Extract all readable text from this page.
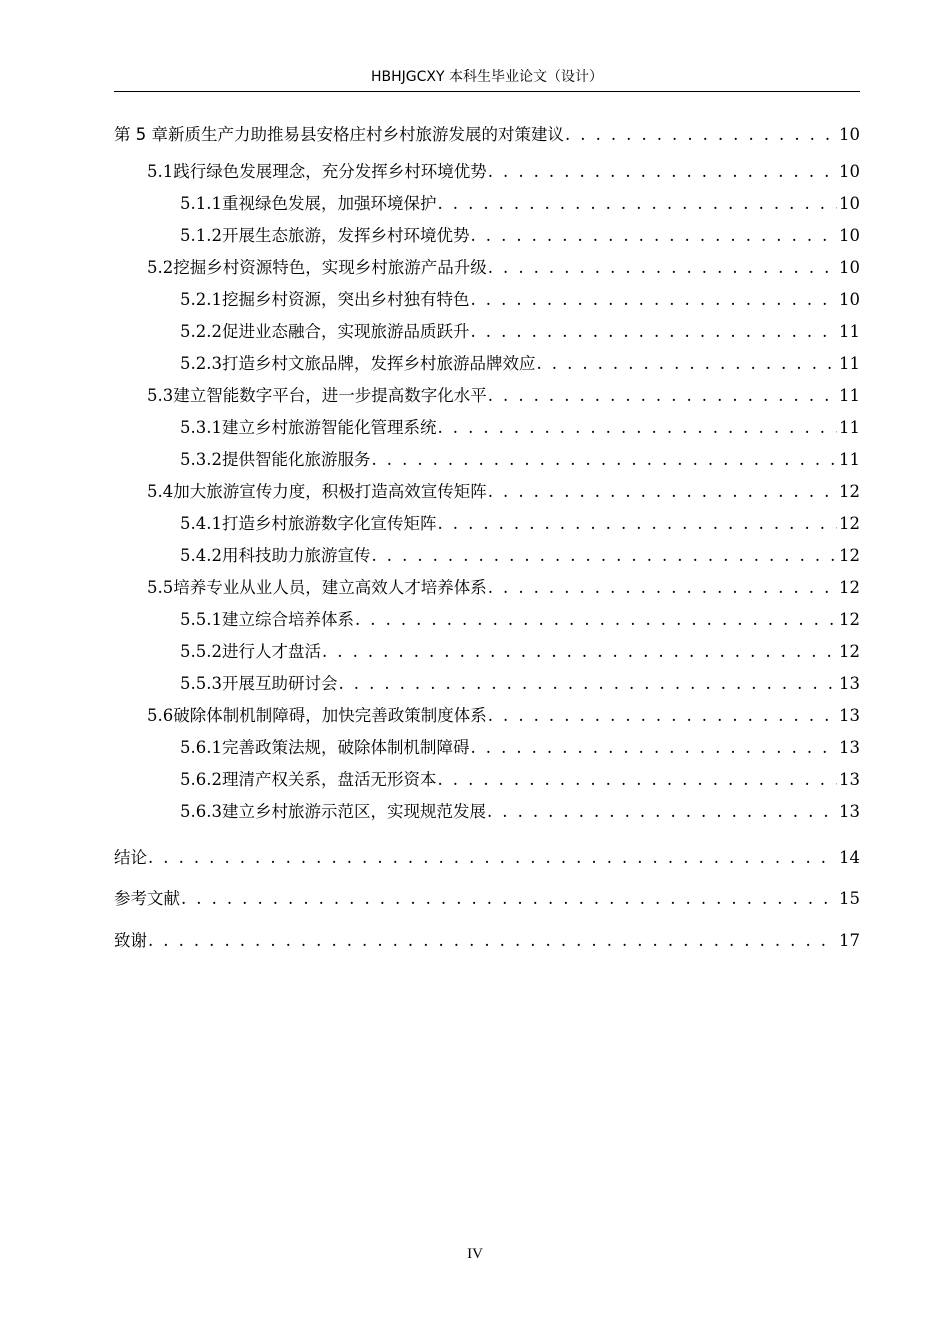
HBHJGCXY 本科生毕业论文（设计）
第 5 章 新质生产力助推易县安格庄村乡村旅游发展的对策建议 . . .	10
5.1 践行绿色发展理念，充分发挥乡村环境优势 . . .	10
5.1.1 重视绿色发展，加强环境保护 . . .	10
5.1.2 开展生态旅游，发挥乡村环境优势 . . .	10
5.2 挖掘乡村资源特色，实现乡村旅游产品升级 . . .	10
5.2.1 挖掘乡村资源，突出乡村独有特色 . . .	10
5.2.2 促进业态融合，实现旅游品质跃升 . . .	11
5.2.3 打造乡村文旅品牌，发挥乡村旅游品牌效应 . . .	11
5.3 建立智能数字平台，进一步提高数字化水平 . . .	11
5.3.1 建立乡村旅游智能化管理系统 . . .	11
5.3.2 提供智能化旅游服务 . . .	11
5.4 加大旅游宣传力度，积极打造高效宣传矩阵 . . .	12
5.4.1 打造乡村旅游数字化宣传矩阵 . . .	12
5.4.2 用科技助力旅游宣传 . . .	12
5.5 培养专业从业人员，建立高效人才培养体系 . . .	12
5.5.1 建立综合培养体系 . . .	12
5.5.2 进行人才盘活 . . .	12
5.5.3 开展互助研讨会 . . .	13
5.6 破除体制机制障碍，加快完善政策制度体系 . . .	13
5.6.1 完善政策法规，破除体制机制障碍 . . .	13
5.6.2 理清产权关系，盘活无形资本 . . .	13
5.6.3 建立乡村旅游示范区，实现规范发展 . . .	13
结论 . . .	14
参考文献 . . .	15
致谢 . . .	17
IV
